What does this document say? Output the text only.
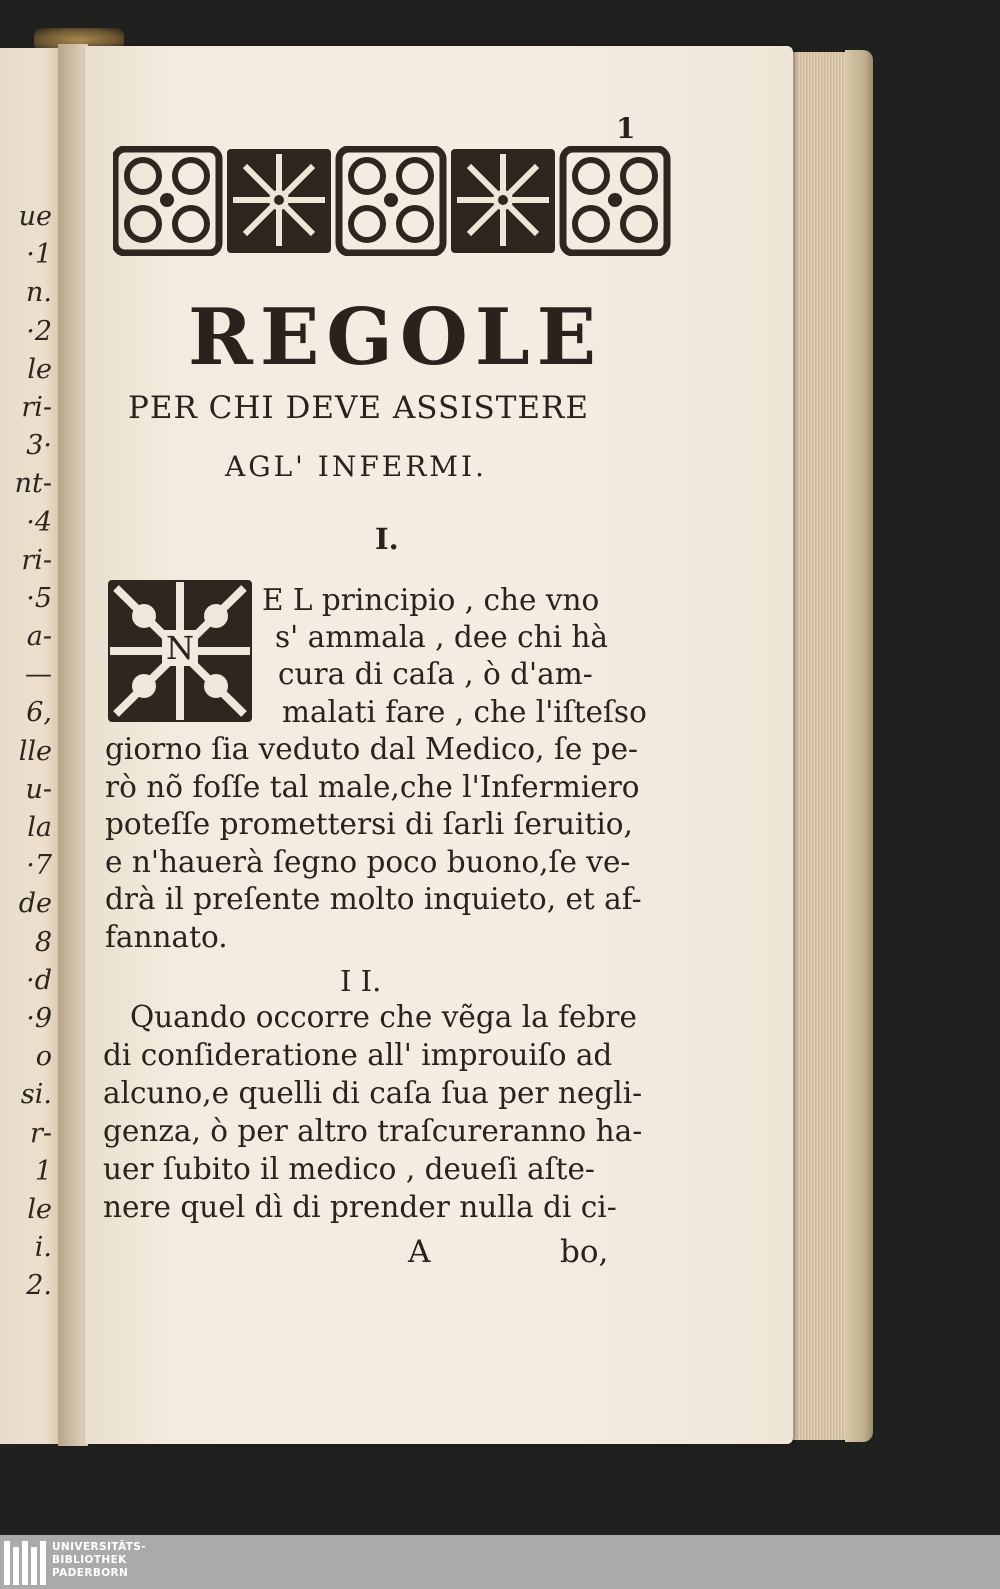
ue
·1
n.
·2
le
ri-
3·
nt-
·4
ri-
·5
a-
—
6,
lle
u-
la
·7
de
8
·d
·9
o
si.
r-
1
le
i.
2.
1
REGOLE
PER CHI DEVE ASSISTERE
AGL' INFERMI.
I.
N
E L principio , che vno
s' ammala , dee chi hà
cura di caſa , ò d'am-
malati fare , che l'iſteſso
giorno ſia veduto dal Medico, ſe pe-
rò nõ foſſe tal male,che l'Infermiero
poteſſe promettersi di ſarli ſeruitio,
e n'hauerà ſegno poco buono,ſe ve-
drà il preſente molto inquieto, et af-
fannato.
I I.
Quando occorre che vẽga la febre
di conſideratione all' improuiſo ad
alcuno,e quelli di caſa ſua per negli-
genza, ò per altro traſcureranno ha-
uer ſubito il medico , deueſi aſte-
nere quel dì di prender nulla di ci-
A	bo,
UNIVERSITÄTS-
BIBLIOTHEK
PADERBORN
